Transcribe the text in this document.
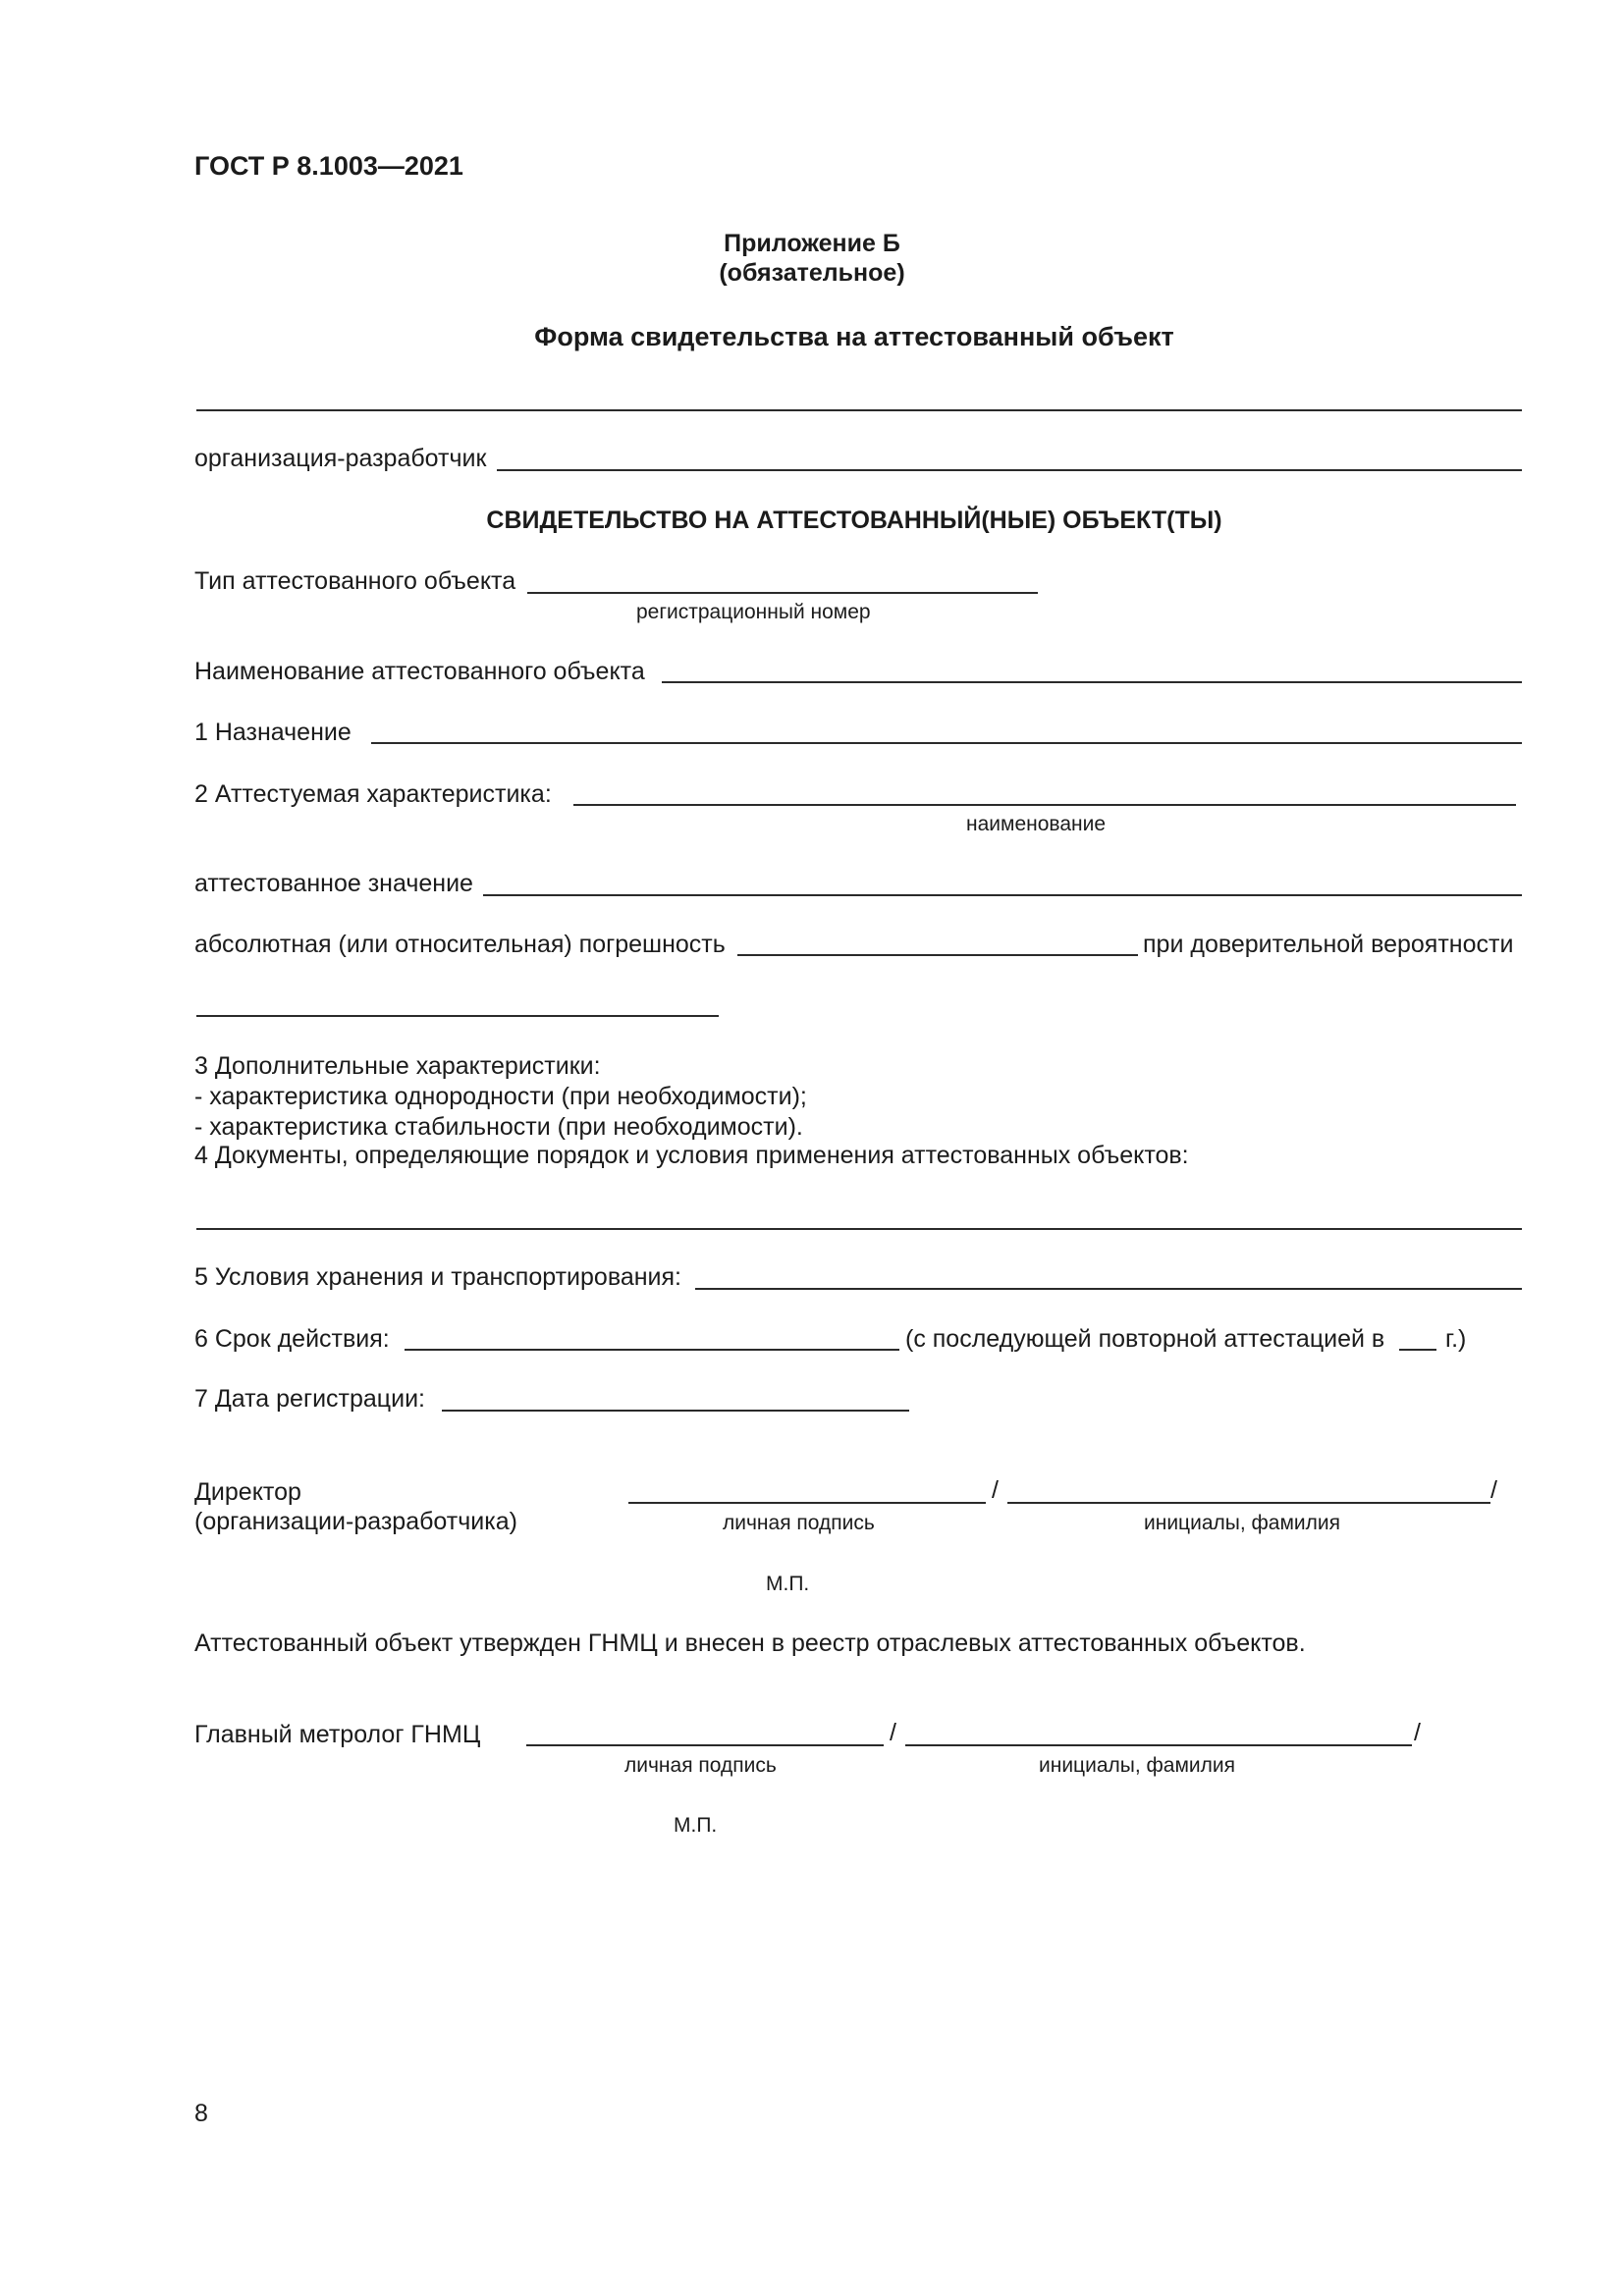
ГОСТ Р 8.1003—2021
Приложение Б
(обязательное)
Форма свидетельства на аттестованный объект
организация-разработчик
СВИДЕТЕЛЬСТВО НА АТТЕСТОВАННЫЙ(НЫЕ) ОБЪЕКТ(ТЫ)
Тип аттестованного объекта
регистрационный номер
Наименование аттестованного объекта
1 Назначение
2 Аттестуемая характеристика:
наименование
аттестованное значение
абсолютная (или относительная) погрешность	при доверительной вероятности
3 Дополнительные характеристики:
- характеристика однородности (при необходимости);
- характеристика стабильности (при необходимости).
4 Документы, определяющие порядок и условия применения аттестованных объектов:
5 Условия хранения и транспортирования:
6 Срок действия:	(с последующей повторной аттестацией в г.)
7 Дата регистрации:
Директор
(организации-разработчика)
/	/
личная подпись	инициалы, фамилия
М.П.
Аттестованный объект утвержден ГНМЦ и внесен в реестр отраслевых аттестованных объектов.
Главный метролог ГНМЦ	/	/
личная подпись	инициалы, фамилия
М.П.
8
